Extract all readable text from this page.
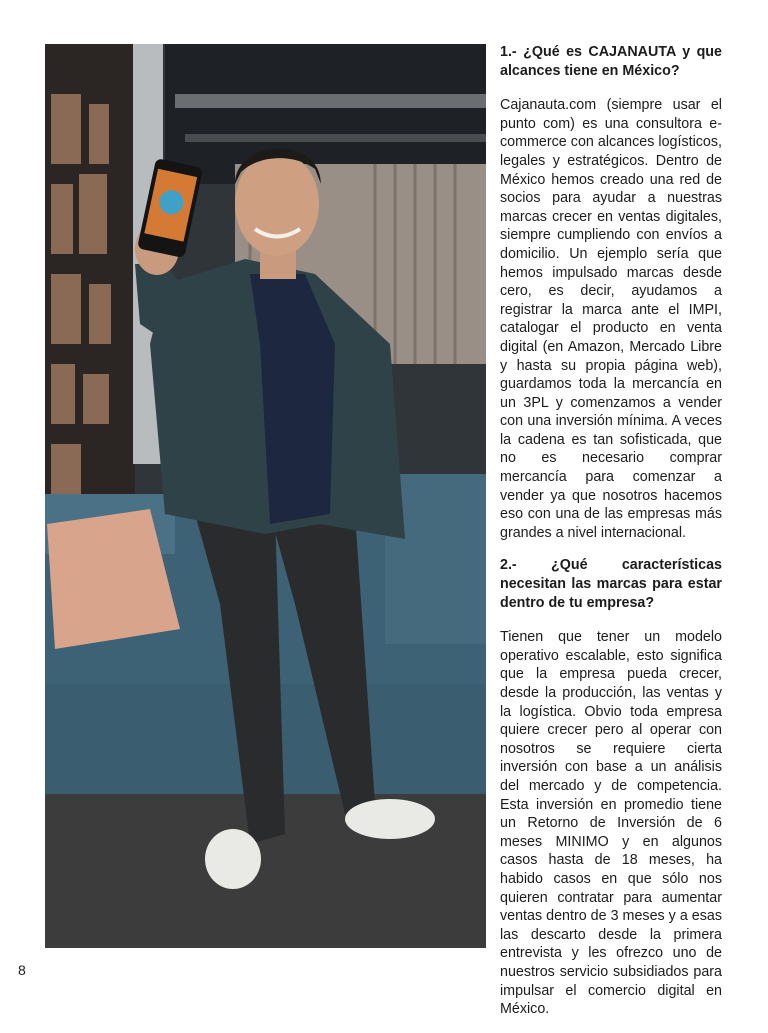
1.- ¿Qué es CAJANAUTA y que alcances tiene en México?

Cajanauta.com (siempre usar el punto com) es una consultora e-commerce con alcances logísticos, legales y estratégicos. Dentro de México hemos creado una red de socios para ayudar a nuestras marcas crecer en ventas digitales, siempre cumpliendo con envíos a domicilio. Un ejemplo sería que hemos impulsado marcas desde cero, es decir, ayudamos a registrar la marca ante el IMPI, catalogar el producto en venta digital (en Amazon, Mercado Libre y hasta su propia página web), guardamos toda la mercancía en un 3PL y comenzamos a vender con una inversión mínima. A veces la cadena es tan sofisticada, que no es necesario comprar mercancía para comenzar a vender ya que nosotros hacemos eso con una de las empresas más grandes a nivel internacional.

2.- ¿Qué características necesitan las marcas para estar dentro de tu empresa?

Tienen que tener un modelo operativo escalable, esto significa que la empresa pueda crecer, desde la producción, las ventas y la logística. Obvio toda empresa quiere crecer pero al operar con nosotros se requiere cierta inversión con base a un análisis del mercado y de competencia. Esta inversión en promedio tiene un Retorno de Inversión de 6 meses MINIMO y en algunos casos hasta de 18 meses, ha habido casos en que sólo nos quieren contratar para aumentar ventas dentro de 3 meses y a esas las descarto desde la primera entrevista y les ofrezco uno de nuestros servicio subsidiados para impulsar el comercio digital en México.

8
